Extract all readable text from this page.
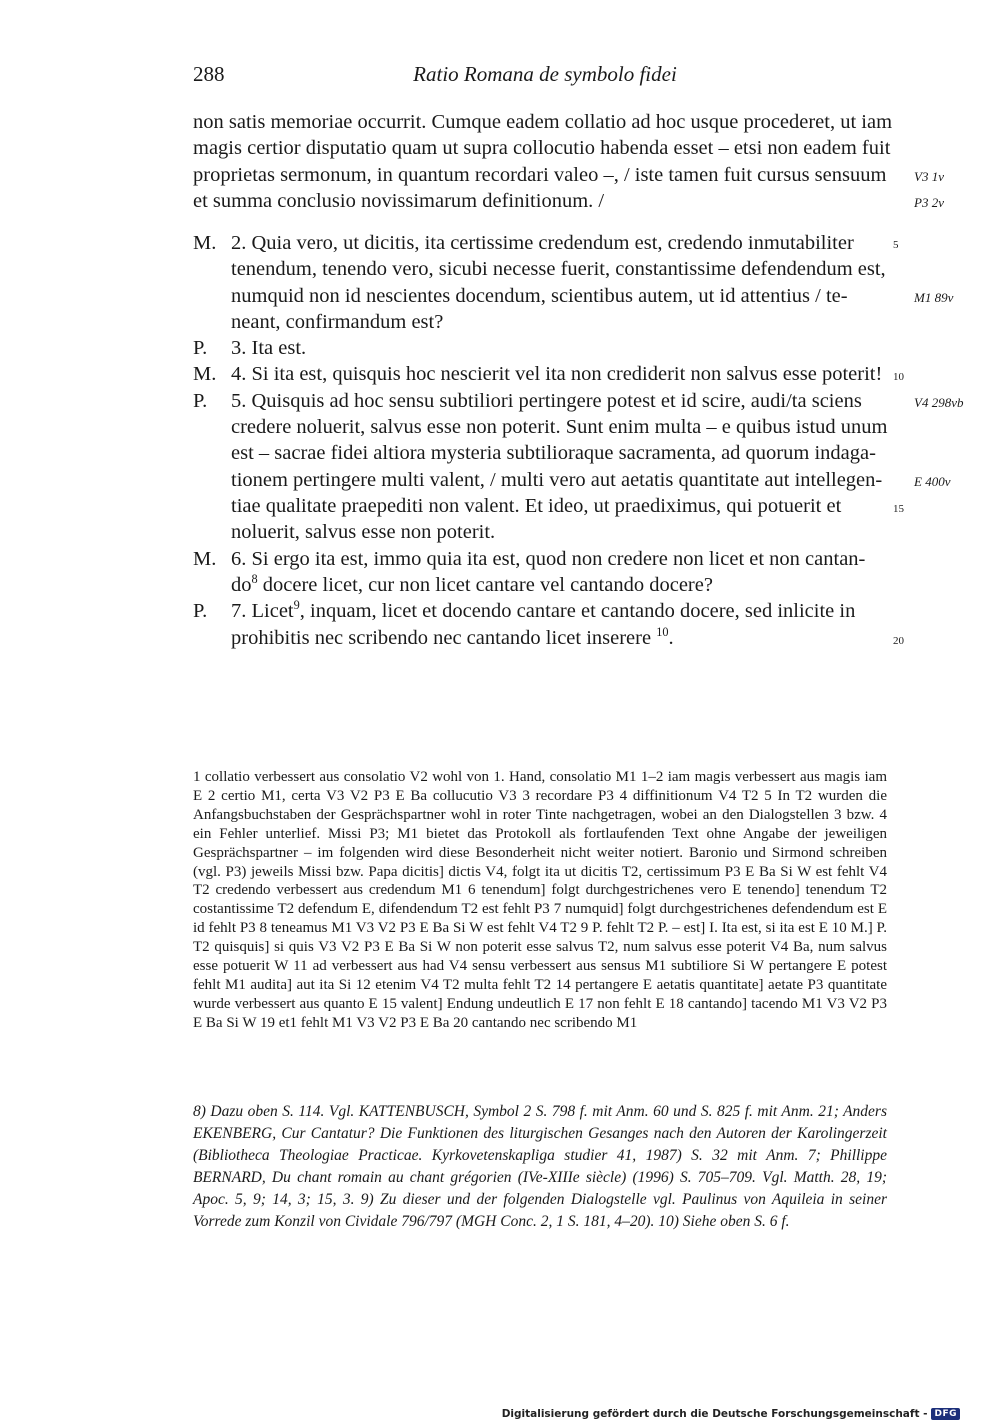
288	Ratio Romana de symbolo fidei
non satis memoriae occurrit. Cumque eadem collatio ad hoc usque procederet, ut iam
magis certior disputatio quam ut supra collocutio habenda esset – etsi non eadem fuit
proprietas sermonum, in quantum recordari valeo –, / iste tamen fuit cursus sensuum
et summa conclusio novissimarum definitionum. /
M. 2. Quia vero, ut dicitis, ita certissime credendum est, credendo inmutabiliter
tenendum, tenendo vero, sicubi necesse fuerit, constantissime defendendum est,
numquid non id nescientes docendum, scientibus autem, ut id attentius / te-
neant, confirmandum est?
P. 3. Ita est.
M. 4. Si ita est, quisquis hoc nescierit vel ita non crediderit non salvus esse poterit!
P. 5. Quisquis ad hoc sensu subtiliori pertingere potest et id scire, audi/ta sciens
credere noluerit, salvus esse non poterit. Sunt enim multa – e quibus istud unum
est – sacrae fidei altiora mysteria subtilioraque sacramenta, ad quorum indaga-
tionem pertingere multi valent, / multi vero aut aetatis quantitate aut intellegen-
tiae qualitate praepediti non valent. Et ideo, ut praediximus, qui potuerit et
noluerit, salvus esse non poterit.
M. 6. Si ergo ita est, immo quia ita est, quod non credere non licet et non cantan-
$do^8$ docere licet, cur non licet cantare vel cantando docere?
P. 7. Licet$^9$, inquam, licet et docendo cantare et cantando docere, sed inlicite in
prohibitis nec scribendo nec cantando licet inserere $^{10}$.
5
10
15
20
V3 1v
P3 2v
M1 89v
V4 298vb
E 400v
1 collatio verbessert aus consolatio V2 wohl von 1. Hand, consolatio M1 1–2 iam magis verbessert aus magis iam E 2 certio M1, certa V3 V2 P3 E Ba collucutio V3 3 recordare P3 4 diffinitionum V4 T2 5 In T2 wurden die Anfangsbuchstaben der Gesprächspartner wohl in roter Tinte nachgetragen, wobei an den Dialogstellen 3 bzw. 4 ein Fehler unterlief. Missi P3; M1 bietet das Protokoll als fortlaufenden Text ohne Angabe der jeweiligen Gesprächspartner – im folgenden wird diese Besonderheit nicht weiter notiert. Baronio und Sirmond schreiben (vgl. P3) jeweils Missi bzw. Papa dicitis] dictis V4, folgt ita ut dicitis T2, certissimum P3 E Ba Si W est fehlt V4 T2 credendo verbessert aus credendum M1 6 tenendum] folgt durchgestrichenes vero E tenendo] tenendum T2 costantissime T2 defendum E, difendendum T2 est fehlt P3 7 numquid] folgt durchgestrichenes defendendum est E id fehlt P3 8 teneamus M1 V3 V2 P3 E Ba Si W est fehlt V4 T2 9 P. fehlt T2 P. – est] I. Ita est, si ita est E 10 M.] P. T2 quisquis] si quis V3 V2 P3 E Ba Si W non poterit esse salvus T2, num salvus esse poterit V4 Ba, num salvus esse potuerit W 11 ad verbessert aus had V4 sensu verbessert aus sensus M1 subtiliore Si W pertangere E potest fehlt M1 audita] aut ita Si 12 etenim V4 T2 multa fehlt T2 14 pertangere E aetatis quantitate] aetate P3 quantitate wurde verbessert aus quanto E 15 valent] Endung undeutlich E 17 non fehlt E 18 cantando] tacendo M1 V3 V2 P3 E Ba Si W 19 et1 fehlt M1 V3 V2 P3 E Ba 20 cantando nec scribendo M1
8) Dazu oben S. 114. Vgl. KATTENBUSCH, Symbol 2 S. 798 f. mit Anm. 60 und S. 825 f. mit Anm. 21; Anders EKENBERG, Cur Cantatur? Die Funktionen des liturgischen Gesanges nach den Autoren der Karolingerzeit (Bibliotheca Theologiae Practicae. Kyrkovetenskapliga studier 41, 1987) S. 32 mit Anm. 7; Phillippe BERNARD, Du chant romain au chant grégorien (IVe-XIIIe siècle) (1996) S. 705–709. Vgl. Matth. 28, 19; Apoc. 5, 9; 14, 3; 15, 3. 9) Zu dieser und der folgenden Dialogstelle vgl. Paulinus von Aquileia in seiner Vorrede zum Konzil von Cividale 796/797 (MGH Conc. 2, 1 S. 181, 4–20). 10) Siehe oben S. 6 f.
Digitalisierung gefördert durch die Deutsche Forschungsgemeinschaft - DFG
